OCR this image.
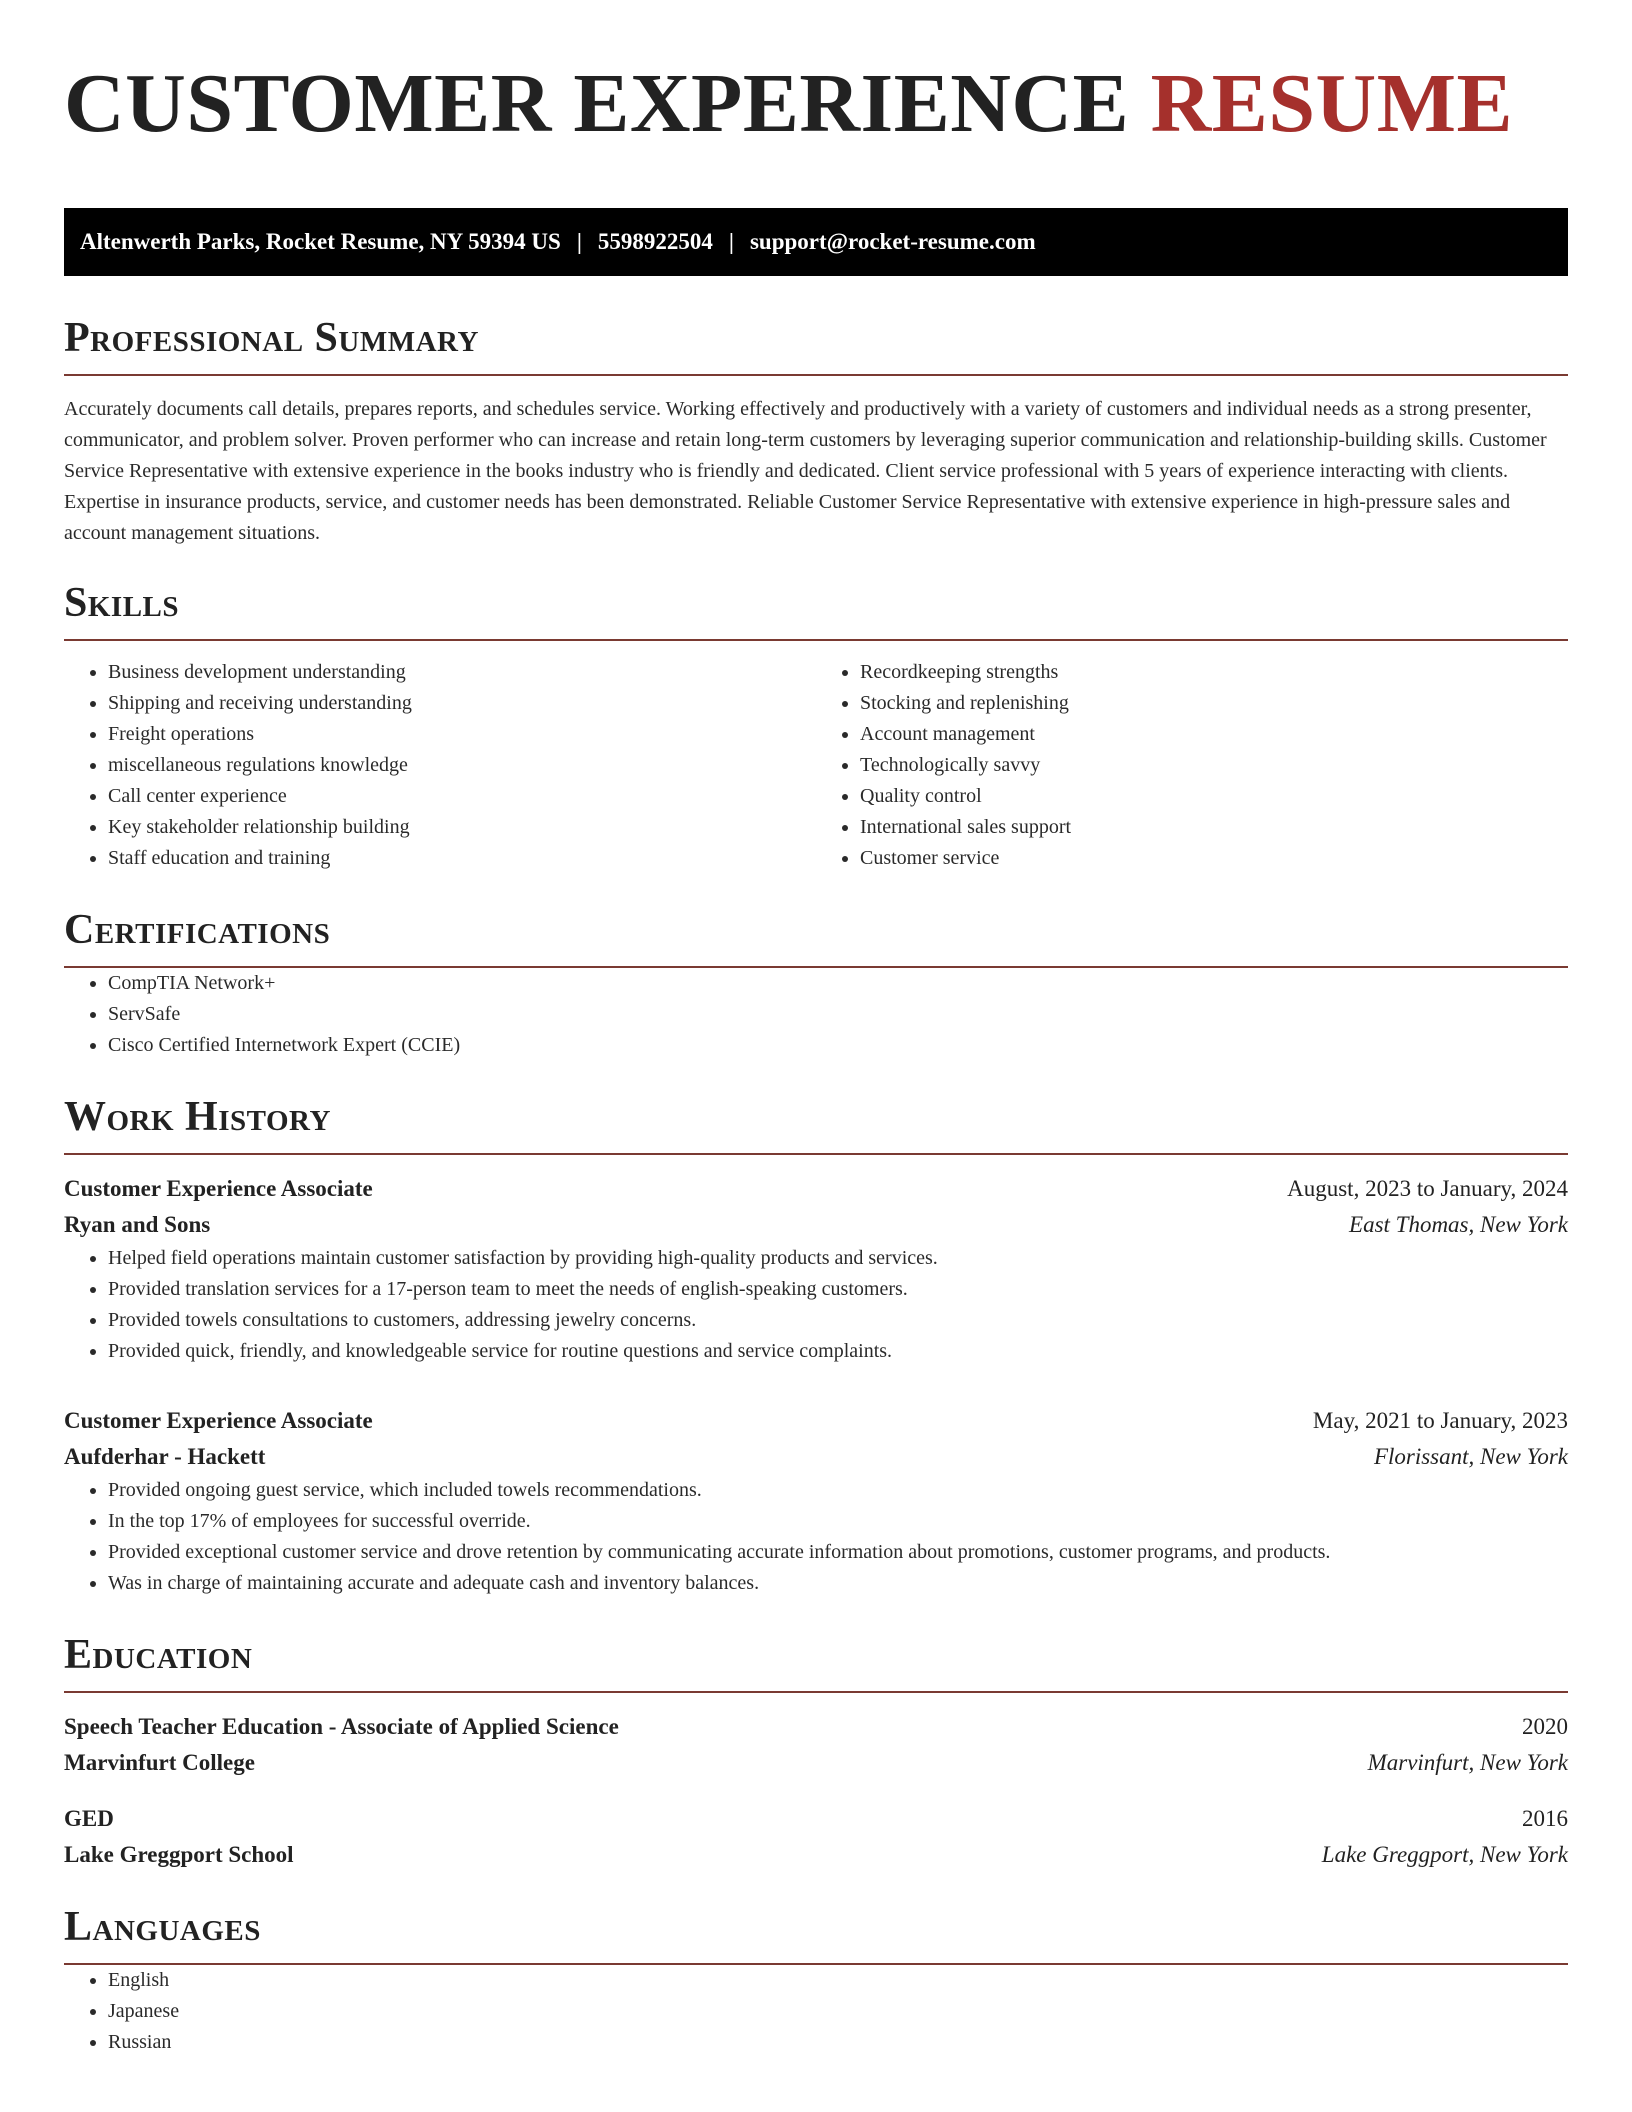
CUSTOMER EXPERIENCE RESUME
Altenwerth Parks, Rocket Resume, NY 59394 US | 5598922504 | support@rocket-resume.com
Professional Summary

Accurately documents call details, prepares reports, and schedules service. Working effectively and productively with a variety of customers and individual needs as a strong presenter, communicator, and problem solver. Proven performer who can increase and retain long-term customers by leveraging superior communication and relationship-building skills. Customer Service Representative with extensive experience in the books industry who is friendly and dedicated. Client service professional with 5 years of experience interacting with clients. Expertise in insurance products, service, and customer needs has been demonstrated. Reliable Customer Service Representative with extensive experience in high-pressure sales and account management situations.

Skills
• Business development understanding
• Shipping and receiving understanding
• Freight operations
• miscellaneous regulations knowledge
• Call center experience
• Key stakeholder relationship building
• Staff education and training
• Recordkeeping strengths
• Stocking and replenishing
• Account management
• Technologically savvy
• Quality control
• International sales support
• Customer service
Certifications
• CompTIA Network+
• ServSafe
• Cisco Certified Internetwork Expert (CCIE)
Work History
Customer Experience Associate	August, 2023 to January, 2024
Ryan and Sons	East Thomas, New York
• Helped field operations maintain customer satisfaction by providing high-quality products and services.
• Provided translation services for a 17-person team to meet the needs of english-speaking customers.
• Provided towels consultations to customers, addressing jewelry concerns.
• Provided quick, friendly, and knowledgeable service for routine questions and service complaints.
Customer Experience Associate	May, 2021 to January, 2023
Aufderhar - Hackett	Florissant, New York
• Provided ongoing guest service, which included towels recommendations.
• In the top 17% of employees for successful override.
• Provided exceptional customer service and drove retention by communicating accurate information about promotions, customer programs, and products.
• Was in charge of maintaining accurate and adequate cash and inventory balances.
Education
Speech Teacher Education - Associate of Applied Science	2020
Marvinfurt College	Marvinfurt, New York
GED	2016
Lake Greggport School	Lake Greggport, New York
Languages
• English
• Japanese
• Russian
